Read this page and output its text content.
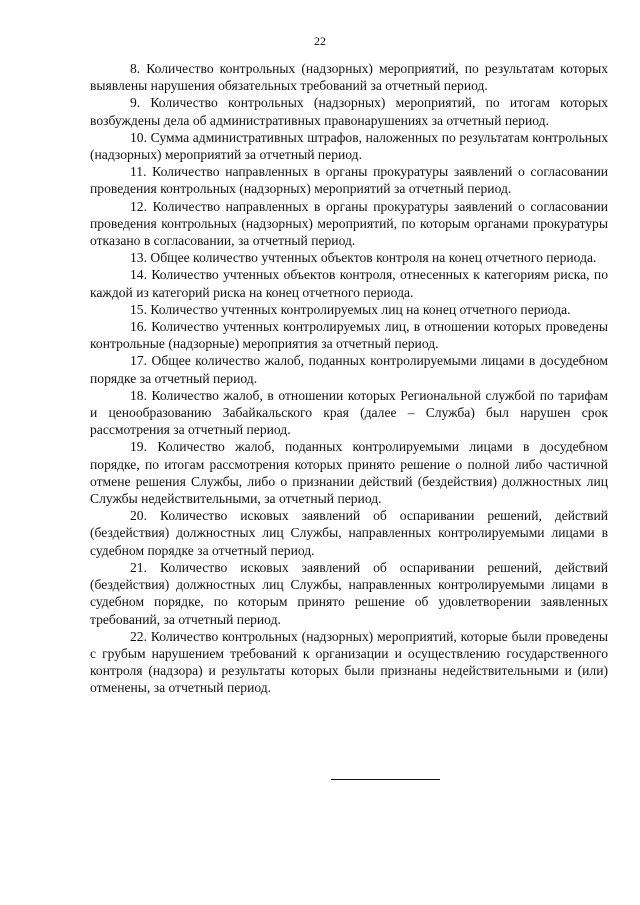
22

8. Количество контрольных (надзорных) мероприятий, по результатам которых выявлены нарушения обязательных требований за отчетный период.

9. Количество контрольных (надзорных) мероприятий, по итогам которых возбуждены дела об административных правонарушениях за отчетный период.

10. Сумма административных штрафов, наложенных по результатам контрольных (надзорных) мероприятий за отчетный период.

11. Количество направленных в органы прокуратуры заявлений о согласовании проведения контрольных (надзорных) мероприятий за отчетный период.

12. Количество направленных в органы прокуратуры заявлений о согласовании проведения контрольных (надзорных) мероприятий, по которым органами прокуратуры отказано в согласовании, за отчетный период.

13. Общее количество учтенных объектов контроля на конец отчетного периода.

14. Количество учтенных объектов контроля, отнесенных к категориям риска, по каждой из категорий риска на конец отчетного периода.

15. Количество учтенных контролируемых лиц на конец отчетного периода.

16. Количество учтенных контролируемых лиц, в отношении которых проведены контрольные (надзорные) мероприятия за отчетный период.

17. Общее количество жалоб, поданных контролируемыми лицами в досудебном порядке за отчетный период.

18. Количество жалоб, в отношении которых Региональной службой по тарифам и ценообразованию Забайкальского края (далее – Служба) был нарушен срок рассмотрения за отчетный период.

19. Количество жалоб, поданных контролируемыми лицами в досудебном порядке, по итогам рассмотрения которых принято решение о полной либо частичной отмене решения Службы, либо о признании действий (бездействия) должностных лиц Службы недействительными, за отчетный период.

20. Количество исковых заявлений об оспаривании решений, действий (бездействия) должностных лиц Службы, направленных контролируемыми лицами в судебном порядке за отчетный период.

21. Количество исковых заявлений об оспаривании решений, действий (бездействия) должностных лиц Службы, направленных контролируемыми лицами в судебном порядке, по которым принято решение об удовлетворении заявленных требований, за отчетный период.

22. Количество контрольных (надзорных) мероприятий, которые были проведены с грубым нарушением требований к организации и осуществлению государственного контроля (надзора) и результаты которых были признаны недействительными и (или) отменены, за отчетный период.
